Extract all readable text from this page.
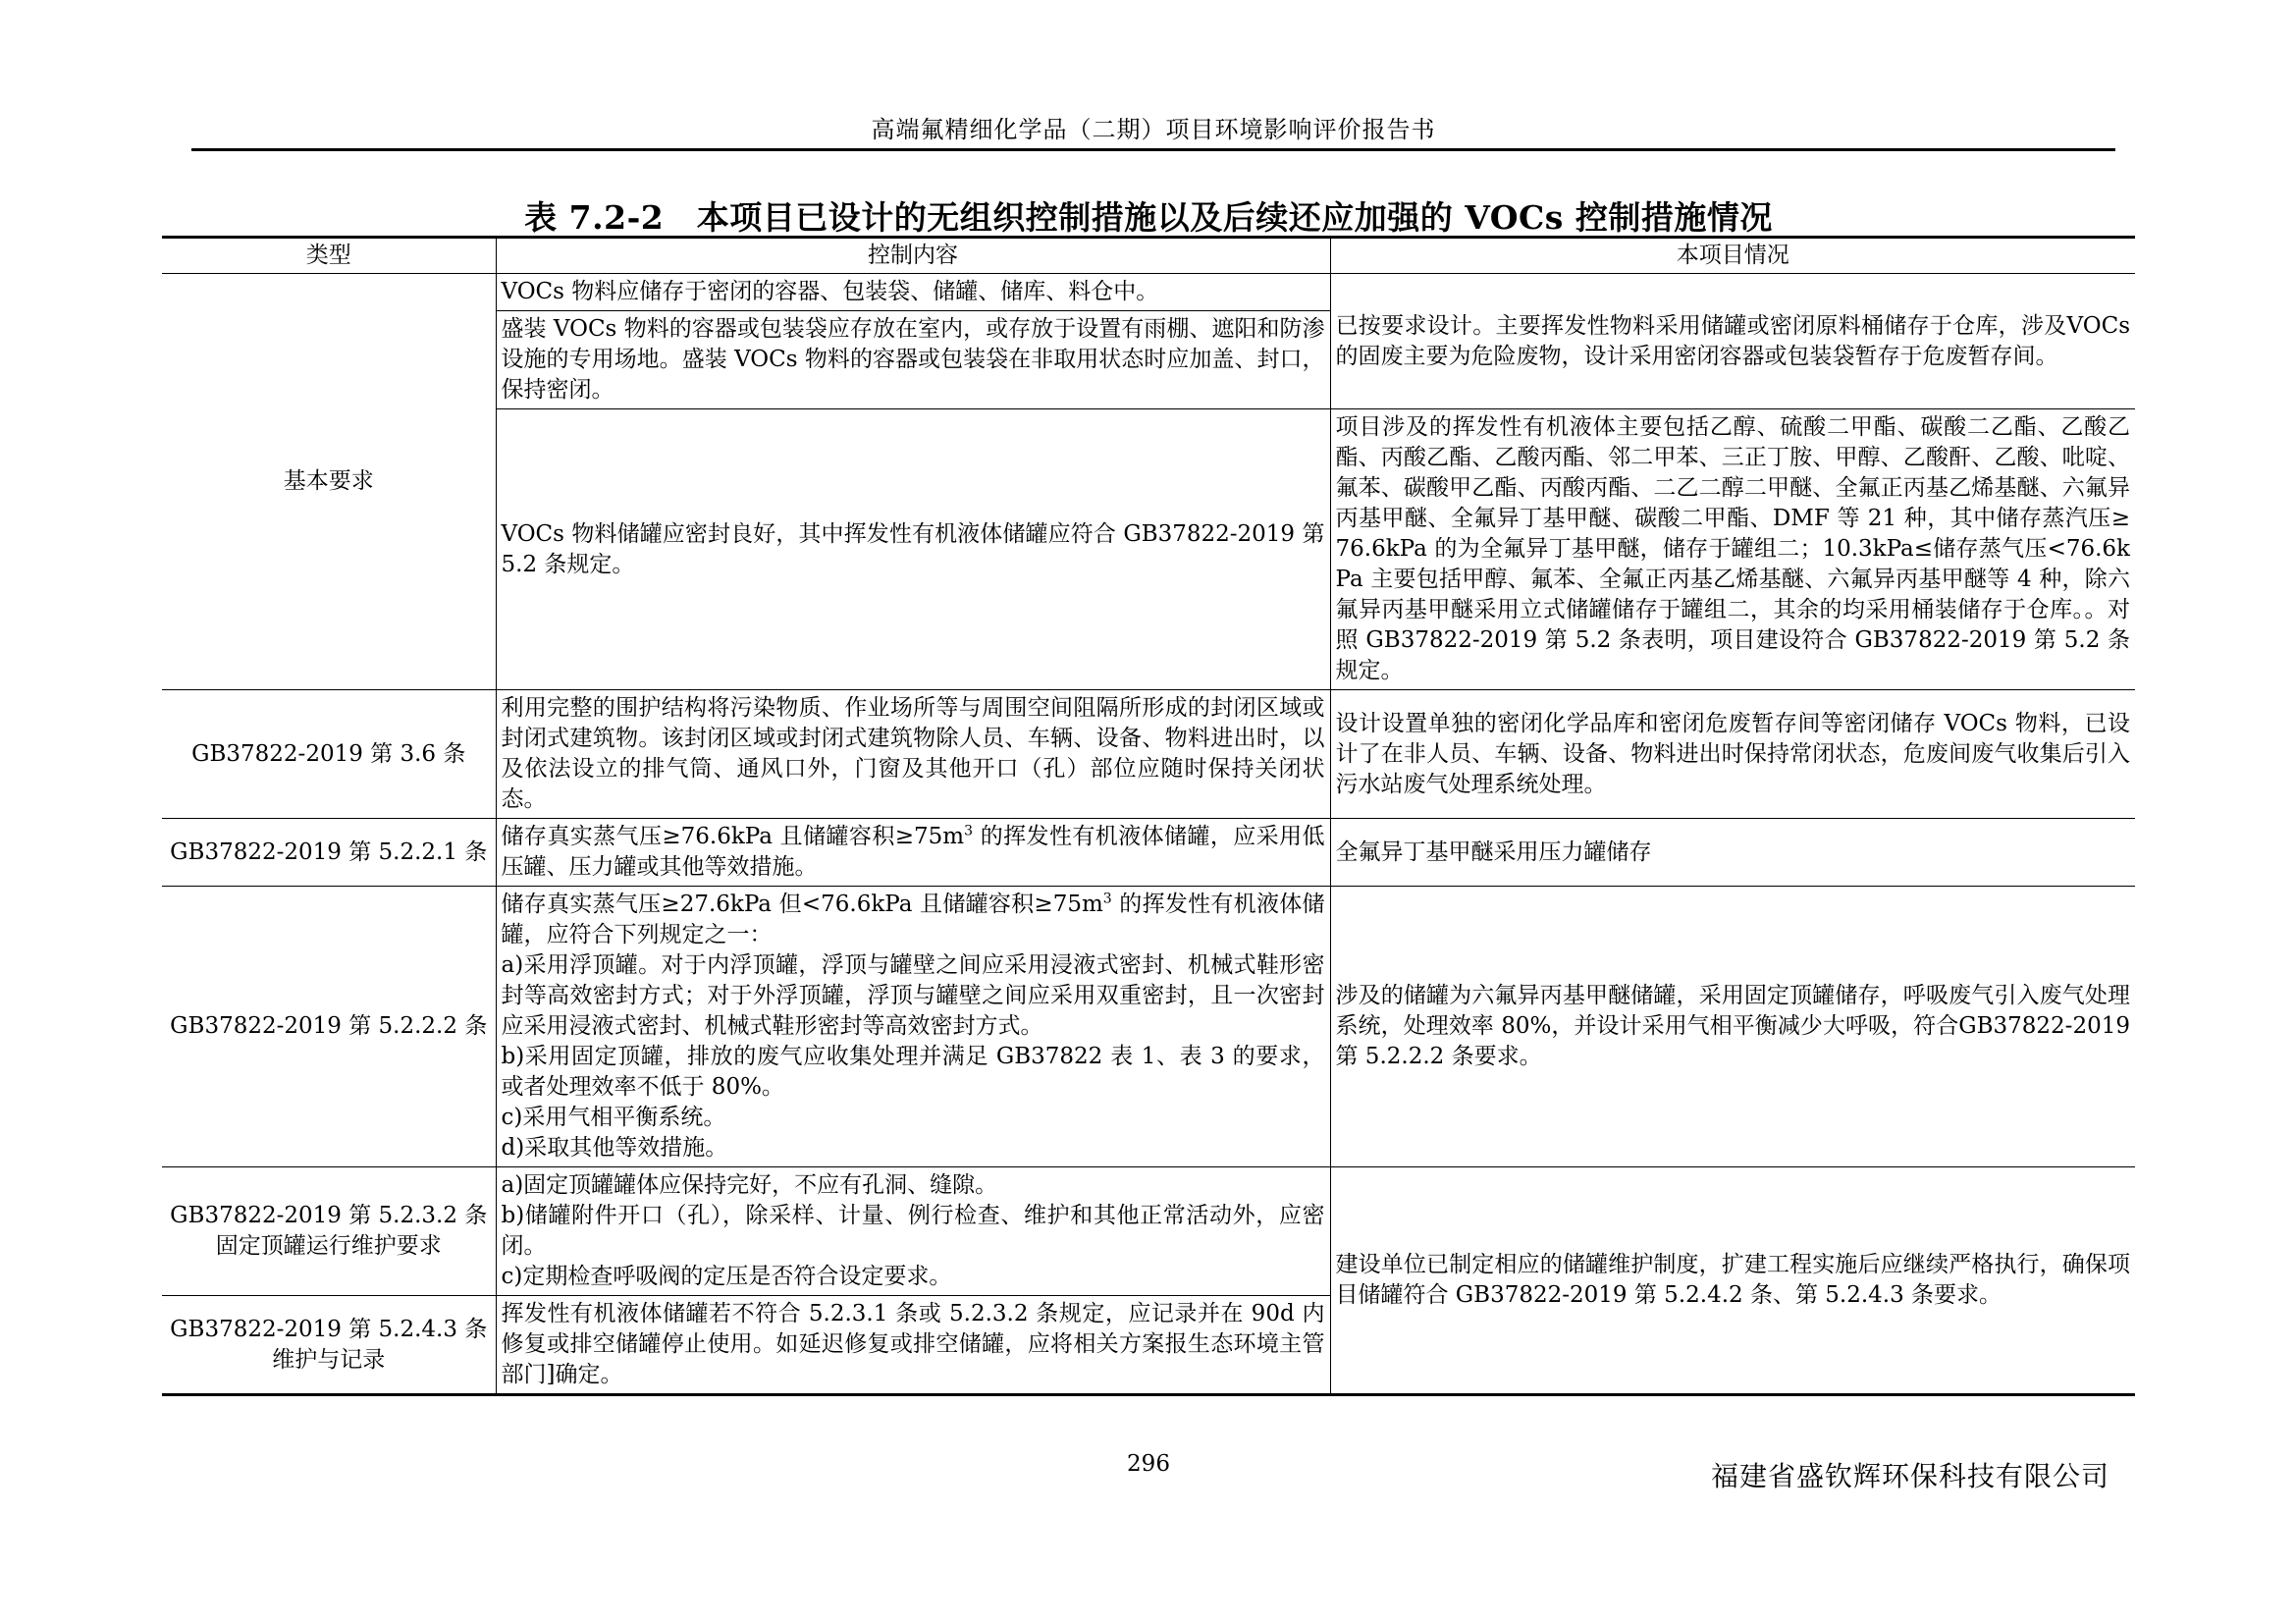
高端氟精细化学品（二期）项目环境影响评价报告书
表 7.2-2　本项目已设计的无组织控制措施以及后续还应加强的 VOCs 控制措施情况
类型	控制内容	本项目情况
基本要求	VOCs 物料应储存于密闭的容器、包装袋、储罐、储库、料仓中。	已按要求设计。主要挥发性物料采用储罐或密闭原料桶储存于仓库，涉及VOCs 的固废主要为危险废物，设计采用密闭容器或包装袋暂存于危废暂存间。
	盛装 VOCs 物料的容器或包装袋应存放在室内，或存放于设置有雨棚、遮阳和防渗设施的专用场地。盛装 VOCs 物料的容器或包装袋在非取用状态时应加盖、封口，保持密闭。	
	VOCs 物料储罐应密封良好，其中挥发性有机液体储罐应符合 GB37822-2019 第 5.2 条规定。	项目涉及的挥发性有机液体主要包括乙醇、硫酸二甲酯、碳酸二乙酯、乙酸乙酯、丙酸乙酯、乙酸丙酯、邻二甲苯、三正丁胺、甲醇、乙酸酐、乙酸、吡啶、氟苯、碳酸甲乙酯、丙酸丙酯、二乙二醇二甲醚、全氟正丙基乙烯基醚、六氟异丙基甲醚、全氟异丁基甲醚、碳酸二甲酯、DMF 等 21 种，其中储存蒸汽压≥76.6kPa 的为全氟异丁基甲醚，储存于罐组二；10.3kPa≤储存蒸气压<76.6kPa 主要包括甲醇、氟苯、全氟正丙基乙烯基醚、六氟异丙基甲醚等 4 种，除六氟异丙基甲醚采用立式储罐储存于罐组二，其余的均采用桶装储存于仓库。。对照 GB37822-2019 第 5.2 条表明，项目建设符合 GB37822-2019 第 5.2 条规定。
GB37822-2019 第 3.6 条	利用完整的围护结构将污染物质、作业场所等与周围空间阻隔所形成的封闭区域或封闭式建筑物。该封闭区域或封闭式建筑物除人员、车辆、设备、物料进出时，以及依法设立的排气筒、通风口外，门窗及其他开口（孔）部位应随时保持关闭状态。	设计设置单独的密闭化学品库和密闭危废暂存间等密闭储存 VOCs 物料，已设计了在非人员、车辆、设备、物料进出时保持常闭状态，危废间废气收集后引入污水站废气处理系统处理。
GB37822-2019 第 5.2.2.1 条	储存真实蒸气压≥76.6kPa 且储罐容积$\ge 75m^3$ 的挥发性有机液体储罐，应采用低压罐、压力罐或其他等效措施。	全氟异丁基甲醚采用压力罐储存
GB37822-2019 第 5.2.2.2 条	储存真实蒸气压≥27.6kPa 但<76.6kPa 且储罐容积$\ge 75m^3$ 的挥发性有机液体储罐，应符合下列规定之一：
a)采用浮顶罐。对于内浮顶罐，浮顶与罐壁之间应采用浸液式密封、机械式鞋形密封等高效密封方式；对于外浮顶罐，浮顶与罐壁之间应采用双重密封，且一次密封应采用浸液式密封、机械式鞋形密封等高效密封方式。
b)采用固定顶罐，排放的废气应收集处理并满足 GB37822 表 1、表 3 的要求，或者处理效率不低于 80%。
c)采用气相平衡系统。
d)采取其他等效措施。	涉及的储罐为六氟异丙基甲醚储罐，采用固定顶罐储存，呼吸废气引入废气处理系统，处理效率 80%，并设计采用气相平衡减少大呼吸，符合GB37822-2019 第 5.2.2.2 条要求。
GB37822-2019 第 5.2.3.2 条 固定顶罐运行维护要求	a)固定顶罐罐体应保持完好，不应有孔洞、缝隙。
b)储罐附件开口（孔），除采样、计量、例行检查、维护和其他正常活动外，应密闭。
c)定期检查呼吸阀的定压是否符合设定要求。	建设单位已制定相应的储罐维护制度，扩建工程实施后应继续严格执行，确保项目储罐符合 GB37822-2019 第 5.2.4.2 条、第 5.2.4.3 条要求。
GB37822-2019 第 5.2.4.3 条 维护与记录	挥发性有机液体储罐若不符合 5.2.3.1 条或 5.2.3.2 条规定，应记录并在 90d 内修复或排空储罐停止使用。如延迟修复或排空储罐，应将相关方案报生态环境主管部门]确定。	
296	福建省盛钦辉环保科技有限公司
